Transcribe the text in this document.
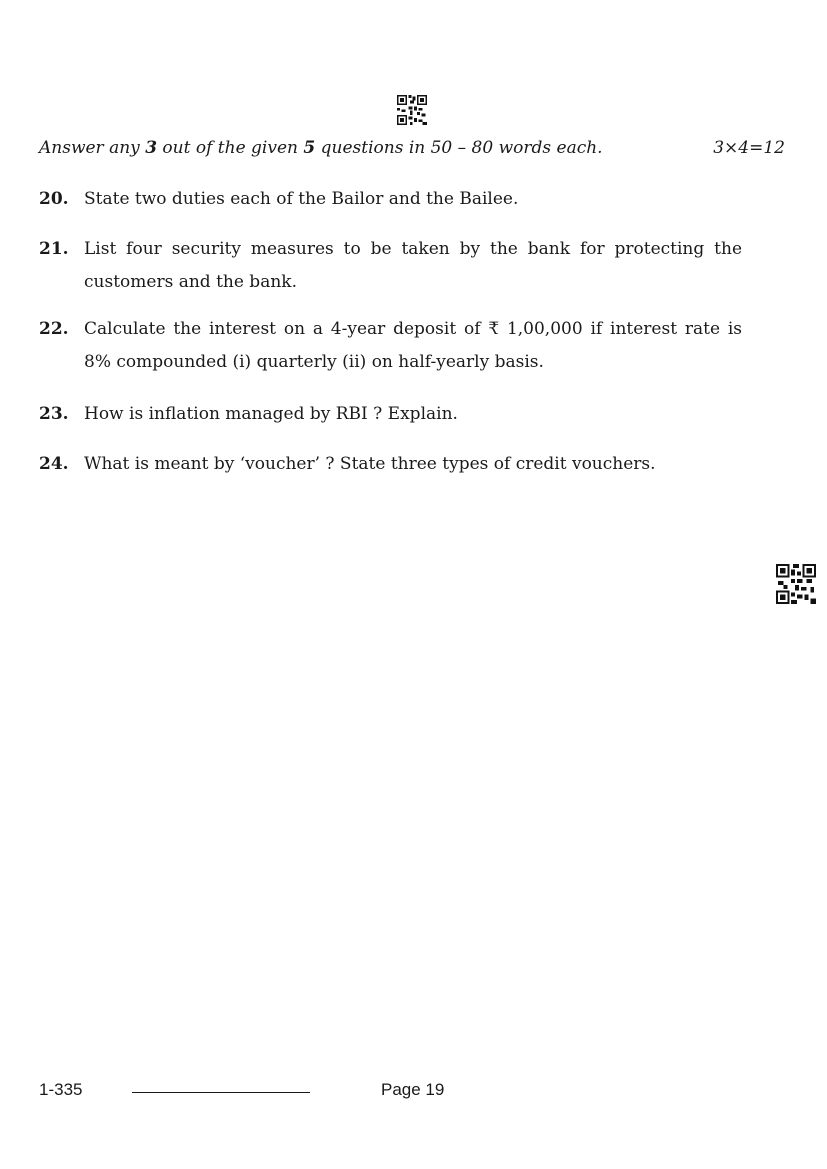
Answer any 3 out of the given 5 questions in 50 – 80 words each.	3×4=12
20. State two duties each of the Bailor and the Bailee.
21. List four security measures to be taken by the bank for protecting the
customers and the bank.
22. Calculate the interest on a 4-year deposit of ₹ 1,00,000 if interest rate is
8% compounded (i) quarterly (ii) on half-yearly basis.
23. How is inflation managed by RBI ? Explain.
24. What is meant by ‘voucher’ ? State three types of credit vouchers.
1-335	Page 19
